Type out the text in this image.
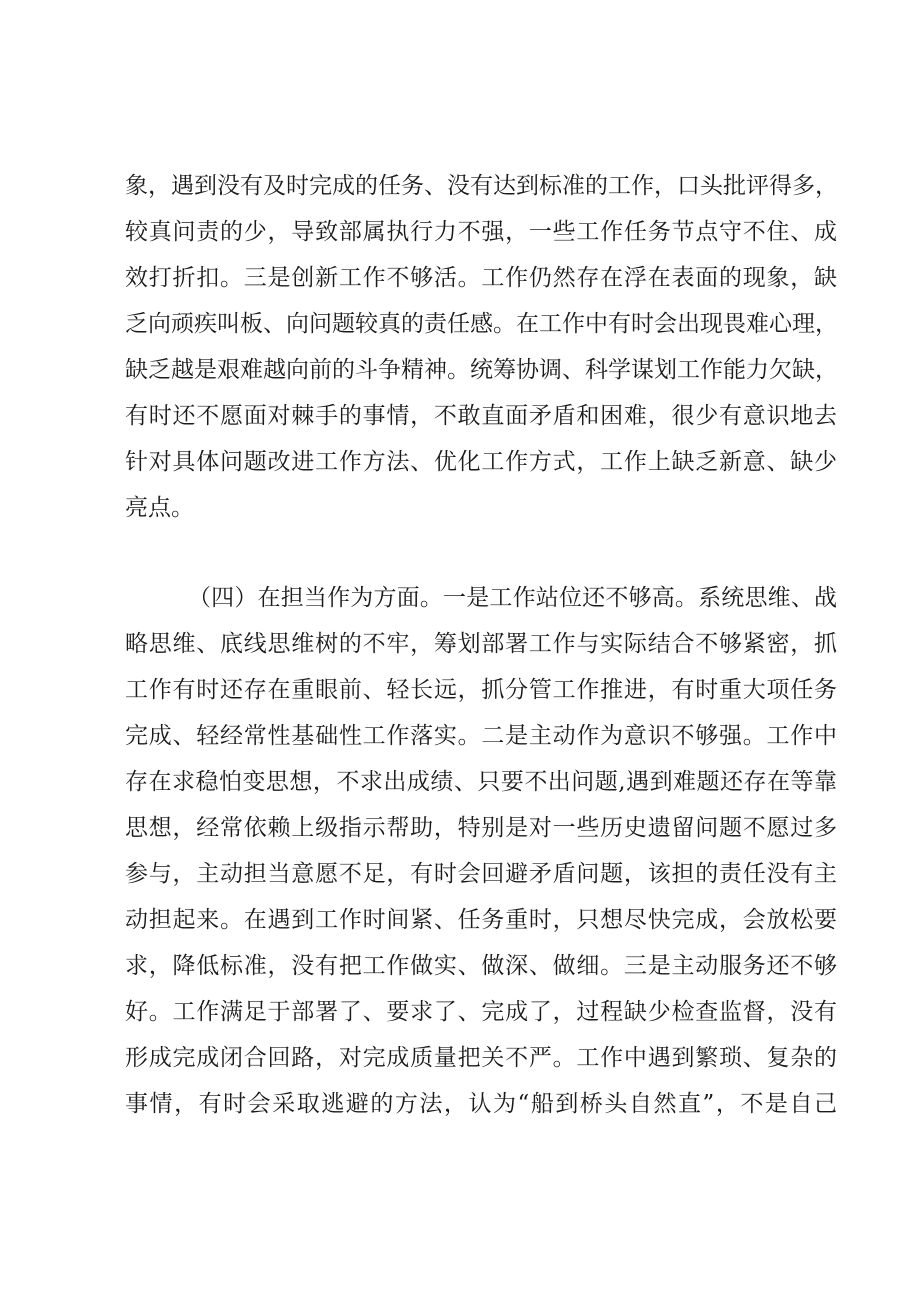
象，遇到没有及时完成的任务、没有达到标准的工作，口头批评得多，
较真问责的少，导致部属执行力不强，一些工作任务节点守不住、成
效打折扣。三是创新工作不够活。工作仍然存在浮在表面的现象，缺
乏向顽疾叫板、向问题较真的责任感。在工作中有时会出现畏难心理，
缺乏越是艰难越向前的斗争精神。统筹协调、科学谋划工作能力欠缺，
有时还不愿面对棘手的事情，不敢直面矛盾和困难，很少有意识地去
针对具体问题改进工作方法、优化工作方式，工作上缺乏新意、缺少
亮点。
（四）在担当作为方面。一是工作站位还不够高。系统思维、战
略思维、底线思维树的不牢，筹划部署工作与实际结合不够紧密，抓
工作有时还存在重眼前、轻长远，抓分管工作推进，有时重大项任务
完成、轻经常性基础性工作落实。二是主动作为意识不够强。工作中
存在求稳怕变思想，不求出成绩、只要不出问题,遇到难题还存在等靠
思想，经常依赖上级指示帮助，特别是对一些历史遗留问题不愿过多
参与，主动担当意愿不足，有时会回避矛盾问题，该担的责任没有主
动担起来。在遇到工作时间紧、任务重时，只想尽快完成，会放松要
求，降低标准，没有把工作做实、做深、做细。三是主动服务还不够
好。工作满足于部署了、要求了、完成了，过程缺少检查监督，没有
形成完成闭合回路，对完成质量把关不严。工作中遇到繁琐、复杂的
事情，有时会采取逃避的方法，认为“船到桥头自然直”，不是自己
